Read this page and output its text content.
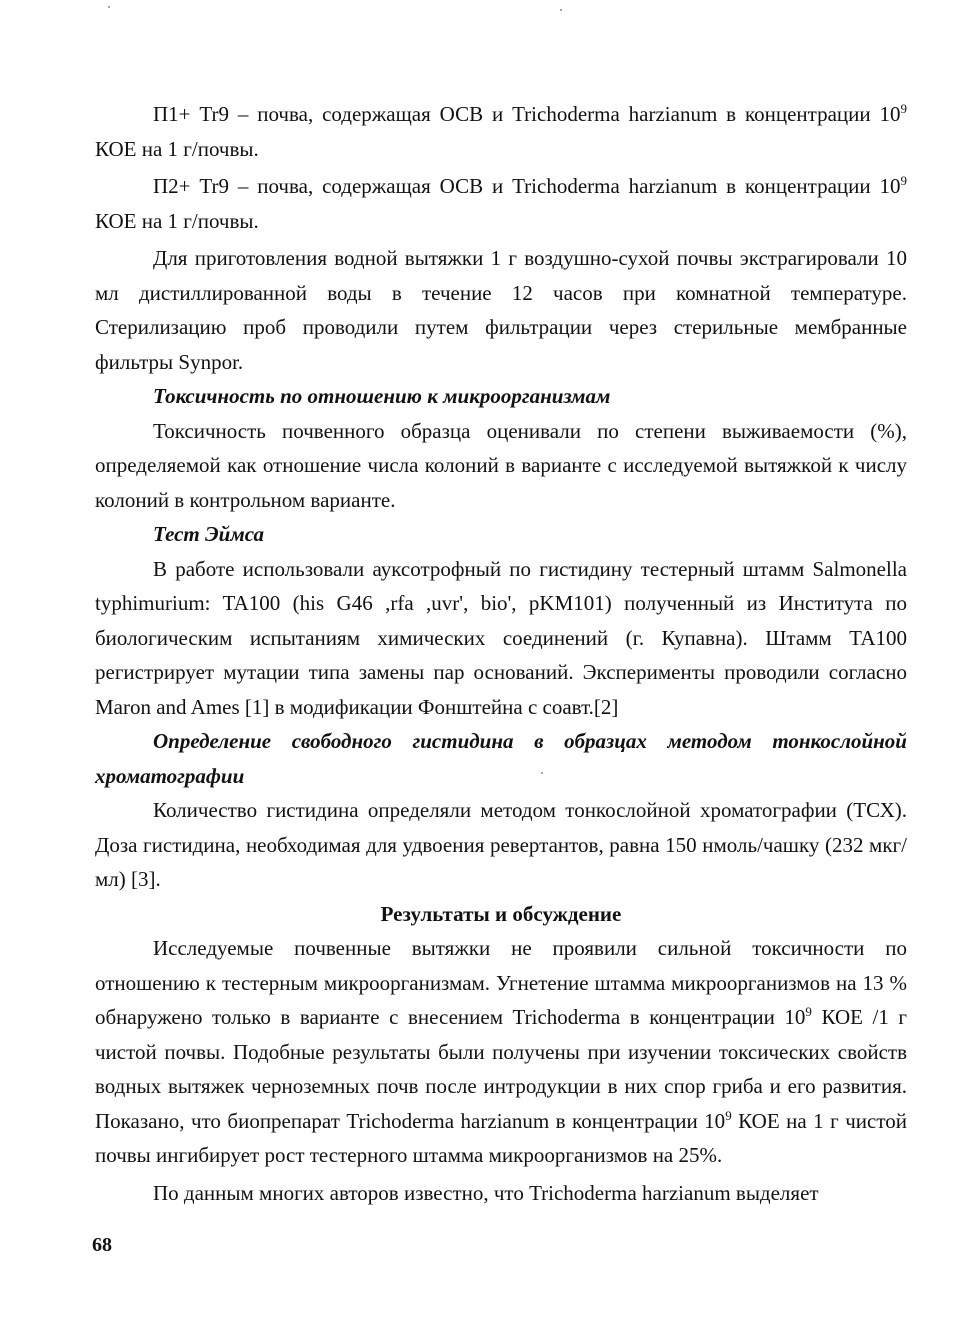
П1+ Tr9 – почва, содержащая ОСВ и Trichoderma harzianum в концентрации $10^9$ КОЕ на 1 г/почвы.

П2+ Tr9 – почва, содержащая ОСВ и Trichoderma harzianum в концентрации $10^9$ КОЕ на 1 г/почвы.

Для приготовления водной вытяжки 1 г воздушно-сухой почвы экстрагировали 10 мл дистиллированной воды в течение 12 часов при комнатной температуре. Стерилизацию проб проводили путем фильтрации через стерильные мембранные фильтры Synpor.

Токсичность по отношению к микроорганизмам

Токсичность почвенного образца оценивали по степени выживаемости (%), определяемой как отношение числа колоний в варианте с исследуемой вытяжкой к числу колоний в контрольном варианте.

Тест Эймса

В работе использовали ауксотрофный по гистидину тестерный штамм Salmonella typhimurium: TA100 (his G46 ,rfa ,uvr', bio', pKM101) полученный из Института по биологическим испытаниям химических соединений (г. Купавна). Штамм TA100 регистрирует мутации типа замены пар оснований. Эксперименты проводили согласно Maron and Ames [1] в модификации Фонштейна с соавт.[2]

Определение свободного гистидина в образцах методом тонкослойной хроматографии

Количество гистидина определяли методом тонкослойной хроматографии (ТСХ). Доза гистидина, необходимая для удвоения ревертантов, равна 150 нмоль/чашку (232 мкг/мл) [3].

Результаты и обсуждение

Исследуемые почвенные вытяжки не проявили сильной токсичности по отношению к тестерным микроорганизмам. Угнетение штамма микроорганизмов на 13 % обнаружено только в варианте с внесением Trichoderma в концентрации $10^9$ КОЕ /1 г чистой почвы. Подобные результаты были получены при изучении токсических свойств водных вытяжек черноземных почв после интродукции в них спор гриба и его развития. Показано, что биопрепарат Trichoderma harzianum в концентрации $10^9$ КОЕ на 1 г чистой почвы ингибирует рост тестерного штамма микроорганизмов на 25%.

По данным многих авторов известно, что Trichoderma harzianum выделяет

68
